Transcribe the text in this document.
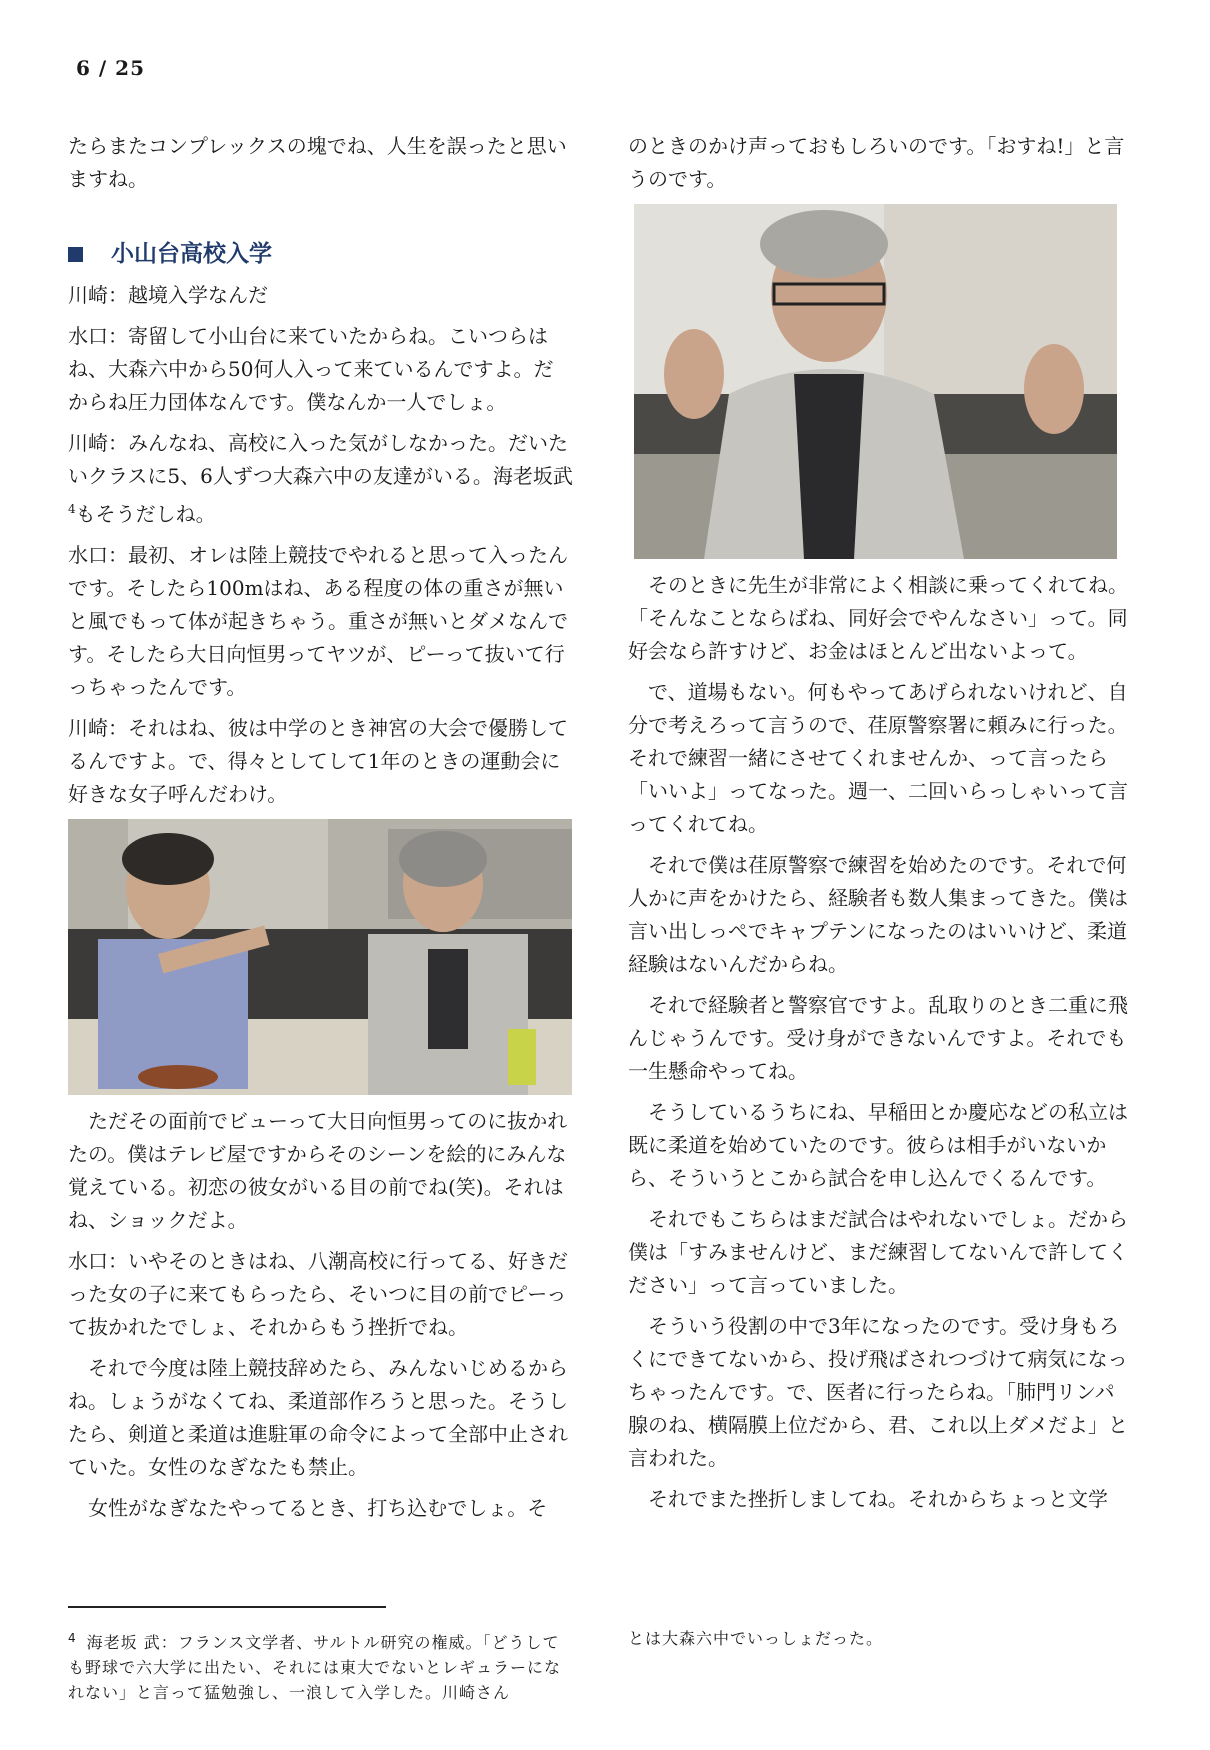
6 / 25

たらまたコンプレックスの塊でね、人生を誤ったと思いますね。

小山台高校入学

川崎：越境入学なんだ

水口：寄留して小山台に来ていたからね。こいつらはね、大森六中から50何人入って来ているんですよ。だからね圧力団体なんです。僕なんか一人でしょ。

川崎：みんなね、高校に入った気がしなかった。だいたいクラスに5、6人ずつ大森六中の友達がいる。海老坂武$^4$もそうだしね。

水口：最初、オレは陸上競技でやれると思って入ったんです。そしたら100mはね、ある程度の体の重さが無いと風でもって体が起きちゃう。重さが無いとダメなんです。そしたら大日向恒男ってヤツが、ピーって抜いて行っちゃったんです。

川崎：それはね、彼は中学のとき神宮の大会で優勝してるんですよ。で、得々としてして1年のときの運動会に好きな女子呼んだわけ。

ただその面前でビューって大日向恒男ってのに抜かれたの。僕はテレビ屋ですからそのシーンを絵的にみんな覚えている。初恋の彼女がいる目の前でね(笑)。それはね、ショックだよ。

水口：いやそのときはね、八潮高校に行ってる、好きだった女の子に来てもらったら、そいつに目の前でピーって抜かれたでしょ、それからもう挫折でね。

それで今度は陸上競技辞めたら、みんないじめるからね。しょうがなくてね、柔道部作ろうと思った。そうしたら、剣道と柔道は進駐軍の命令によって全部中止されていた。女性のなぎなたも禁止。

女性がなぎなたやってるとき、打ち込むでしょ。そ

のときのかけ声っておもしろいのです。「おすね!」と言うのです。

そのときに先生が非常によく相談に乗ってくれてね。「そんなことならばね、同好会でやんなさい」って。同好会なら許すけど、お金はほとんど出ないよって。

で、道場もない。何もやってあげられないけれど、自分で考えろって言うので、荏原警察署に頼みに行った。それで練習一緒にさせてくれませんか、って言ったら「いいよ」ってなった。週一、二回いらっしゃいって言ってくれてね。

それで僕は荏原警察で練習を始めたのです。それで何人かに声をかけたら、経験者も数人集まってきた。僕は言い出しっぺでキャプテンになったのはいいけど、柔道経験はないんだからね。

それで経験者と警察官ですよ。乱取りのとき二重に飛んじゃうんです。受け身ができないんですよ。それでも一生懸命やってね。

そうしているうちにね、早稲田とか慶応などの私立は既に柔道を始めていたのです。彼らは相手がいないから、そういうとこから試合を申し込んでくるんです。

それでもこちらはまだ試合はやれないでしょ。だから僕は「すみませんけど、まだ練習してないんで許してください」って言っていました。

そういう役割の中で3年になったのです。受け身もろくにできてないから、投げ飛ばされつづけて病気になっちゃったんです。で、医者に行ったらね。「肺門リンパ腺のね、横隔膜上位だから、君、これ以上ダメだよ」と言われた。

それでまた挫折しましてね。それからちょっと文学

$^4$ 海老坂 武：フランス文学者、サルトル研究の権威。「どうしても野球で六大学に出たい、それには東大でないとレギュラーになれない」と言って猛勉強し、一浪して入学した。川崎さん
とは大森六中でいっしょだった。
